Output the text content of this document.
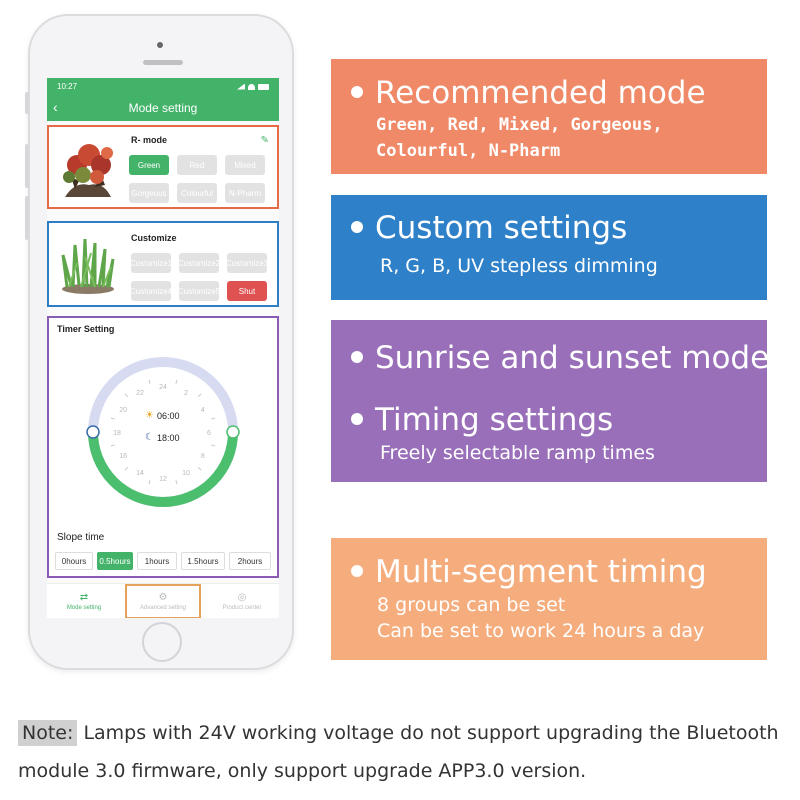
10:27
‹	Mode setting
R- mode	✎
Green	Red	Mixed
Gorgeous	Colourful	N-Pharm
Customize
Customize1 Customize2 Customize3
Customize4 Customize5	Shut
Timer Setting
24
2
4
6
8
10
12
14
16
18
20
22
☀ 06:00
☾ 18:00
Slope time
0hours	0.5hours	1hours	1.5hours	2hours
⇄
Mode setting
⚙
Advanced setting
◎
Product center
Recommended mode
Green, Red, Mixed, Gorgeous,
Colourful, N-Pharm
Custom settings
R, G, B, UV stepless dimming
Sunrise and sunset mode
Timing settings
Freely selectable ramp times
Multi-segment timing
8 groups can be set
Can be set to work 24 hours a day
Note: Lamps with 24V working voltage do not support upgrading the Bluetooth module 3.0 firmware, only support upgrade APP3.0 version.
